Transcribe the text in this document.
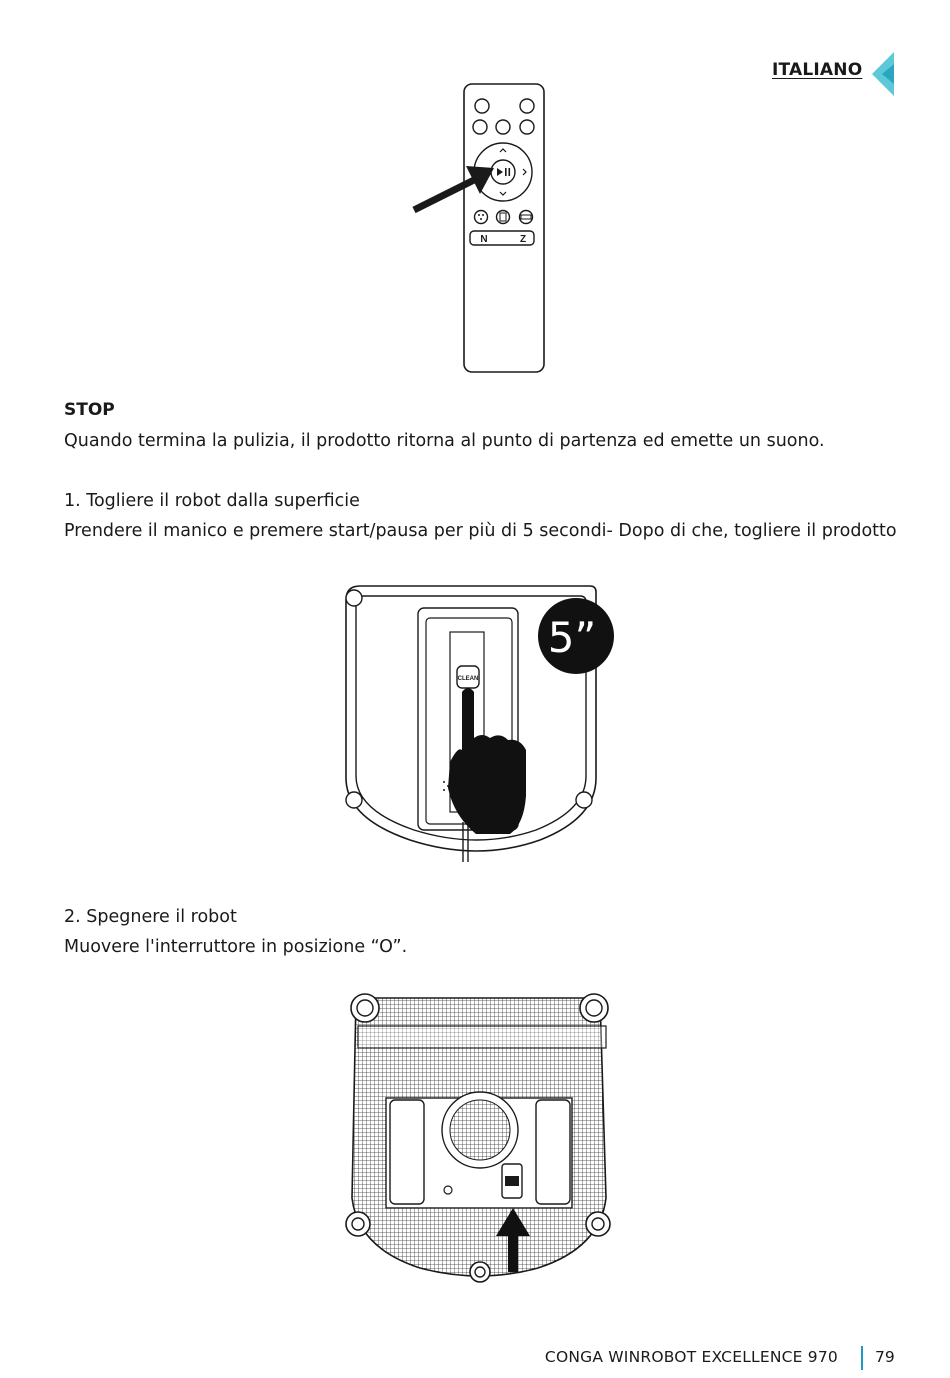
ITALIANO
N	Z
STOP
Quando termina la pulizia, il prodotto ritorna al punto di partenza ed emette un suono.
1. Togliere il robot dalla superficie
Prendere il manico e premere start/pausa per più di 5 secondi- Dopo di che, togliere il prodotto
CLEAN
5”
2. Spegnere il robot
Muovere l'interruttore in posizione “O”.
CONGA WINROBOT EXCELLENCE 970 79
